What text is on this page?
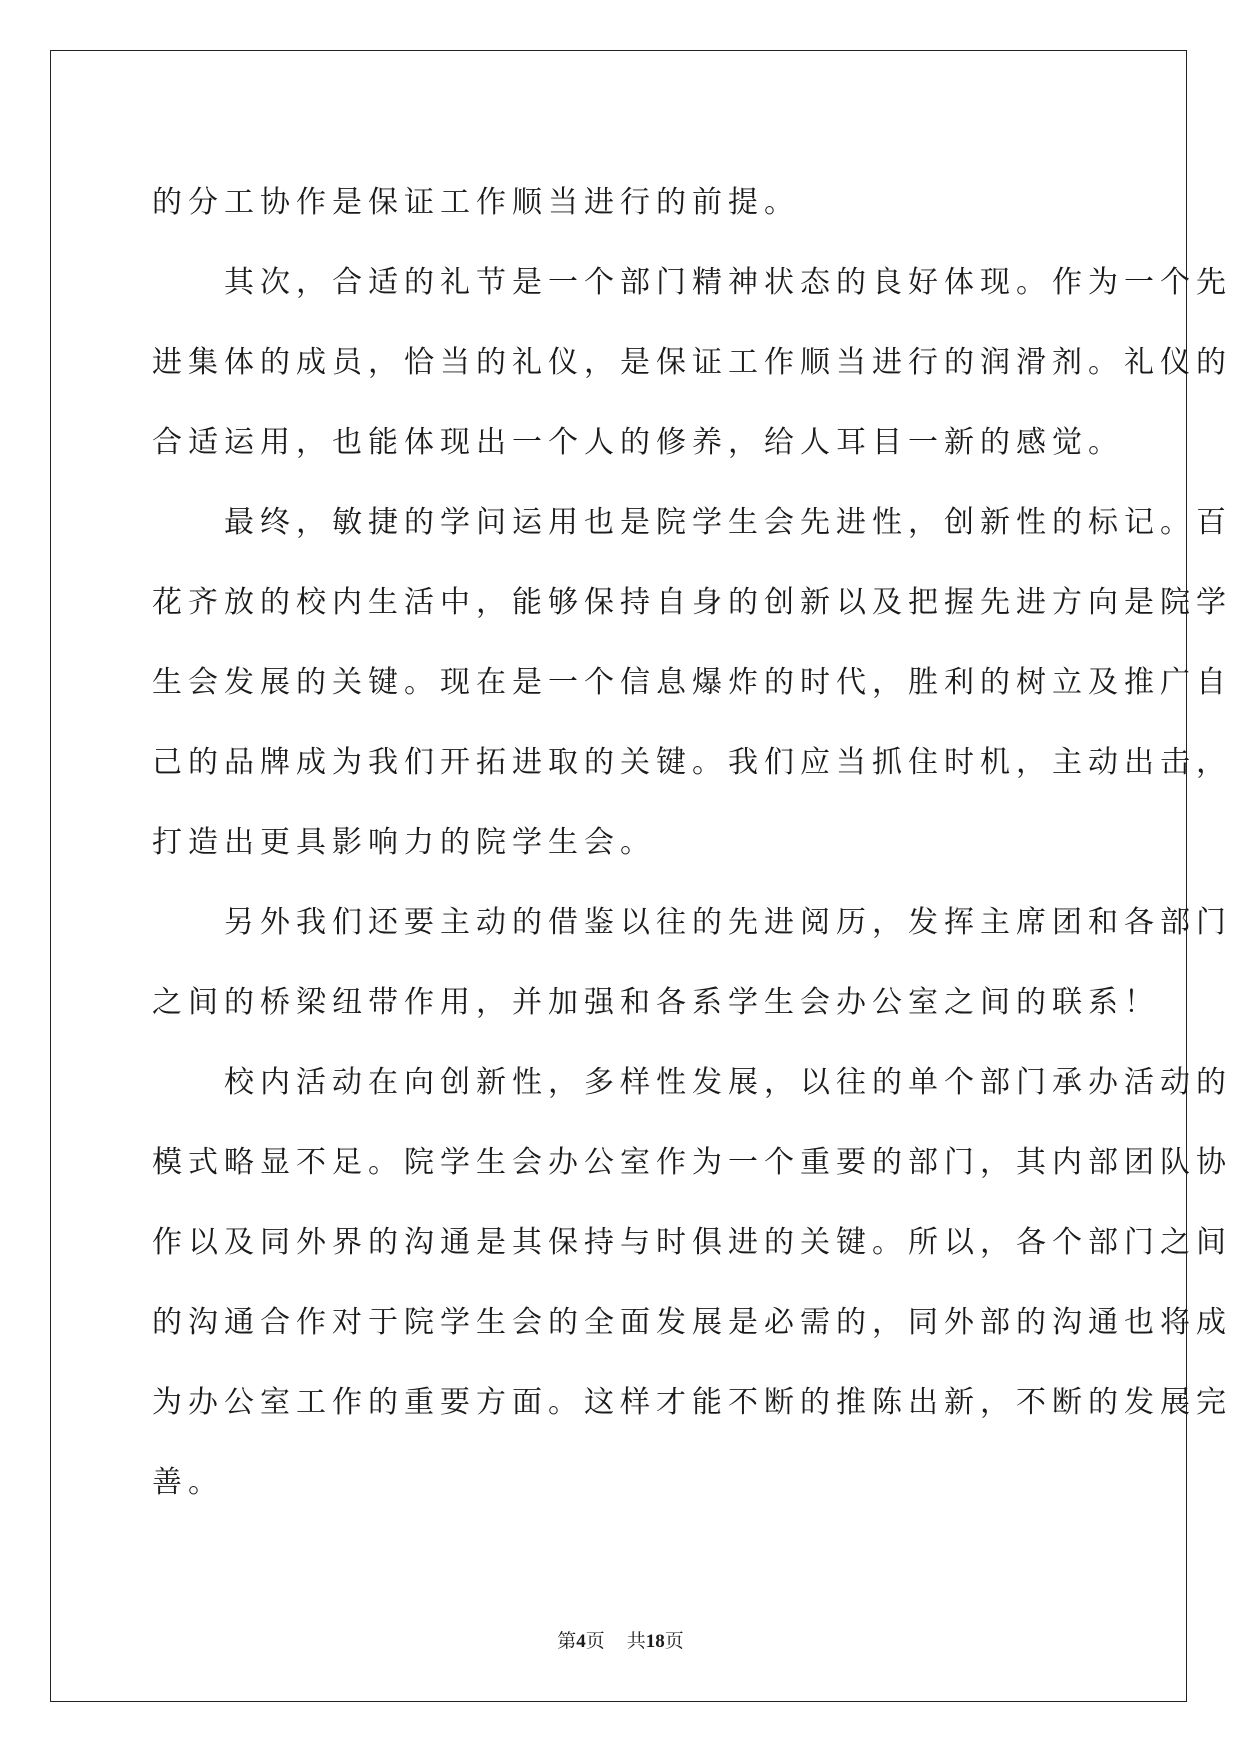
的分工协作是保证工作顺当进行的前提。
　　其次，合适的礼节是一个部门精神状态的良好体现。作为一个先
进集体的成员，恰当的礼仪，是保证工作顺当进行的润滑剂。礼仪的
合适运用，也能体现出一个人的修养，给人耳目一新的感觉。
　　最终，敏捷的学问运用也是院学生会先进性，创新性的标记。百
花齐放的校内生活中，能够保持自身的创新以及把握先进方向是院学
生会发展的关键。现在是一个信息爆炸的时代，胜利的树立及推广自
己的品牌成为我们开拓进取的关键。我们应当抓住时机，主动出击，
打造出更具影响力的院学生会。
　　另外我们还要主动的借鉴以往的先进阅历，发挥主席团和各部门
之间的桥梁纽带作用，并加强和各系学生会办公室之间的联系！
　　校内活动在向创新性，多样性发展，以往的单个部门承办活动的
模式略显不足。院学生会办公室作为一个重要的部门，其内部团队协
作以及同外界的沟通是其保持与时俱进的关键。所以，各个部门之间
的沟通合作对于院学生会的全面发展是必需的，同外部的沟通也将成
为办公室工作的重要方面。这样才能不断的推陈出新，不断的发展完
善。
第4页 共18页
